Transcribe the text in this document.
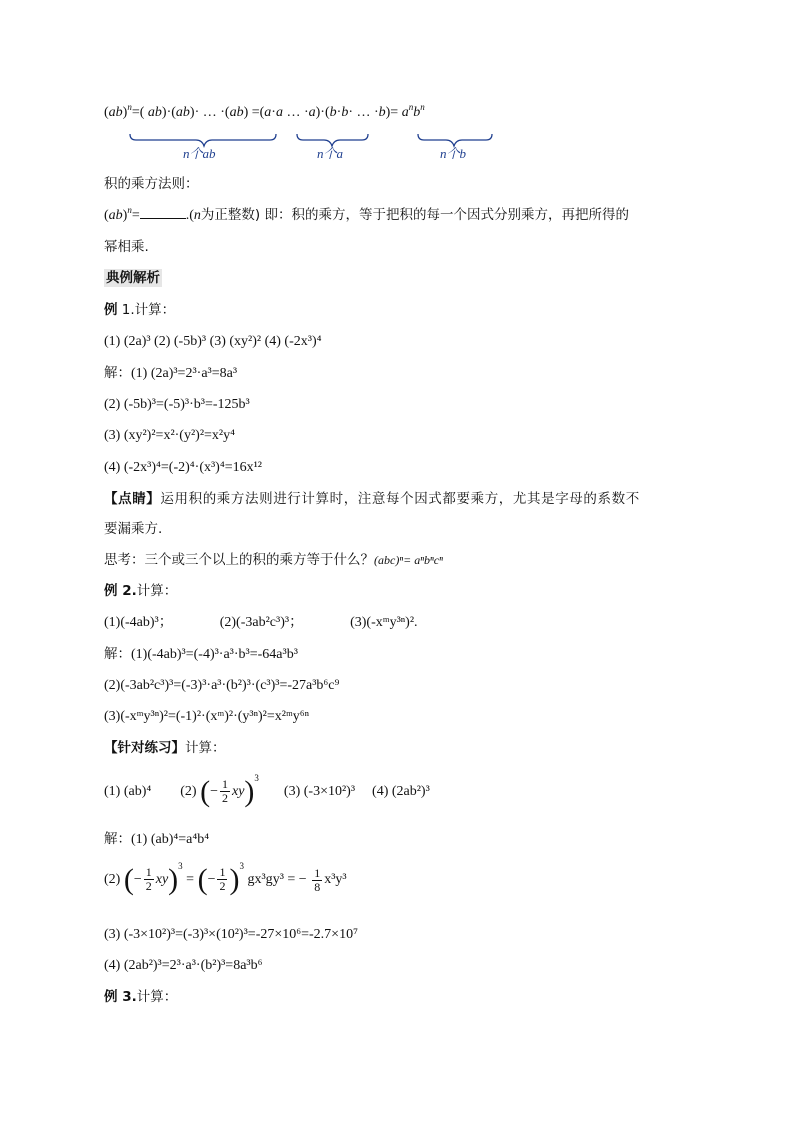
(ab)$^n$=( ab)·(ab)· … ·(ab) =(a·a … ·a)·(b·b· … $\cdot b)= a^nb^n$
n个ab	n个a	n个b
积的乘方法则：
(ab)$^n$=	.(n为正整数) 即：积的乘方，等于把积的每一个因式分别乘方，再把所得的
幂相乘.
典例解析
例 1.计算：
(1) (2a)³ (2) (-5b)³ (3) (xy²)² (4) (-2x³)⁴
解：(1) (2a)³=2³·a³=8a³
(2) (-5b)³=(-5)³·b³=-125b³
(3) (xy²)²=x²·(y²)²=x²y⁴
(4) (-2x³)⁴=(-2)⁴·(x³)⁴=16x¹²
【点睛】运用积的乘方法则进行计算时，注意每个因式都要乘方，尤其是字母的系数不
要漏乘方.
思考：三个或三个以上的积的乘方等于什么？(abc)ⁿ= aⁿbⁿcⁿ
例 2.计算：
(1)(-4ab)³；	(2)(-3ab²c³)³；	(3)(-xᵐy³ⁿ)².
解：(1)(-4ab)³=(-4)³·a³·b³=-64a³b³
(2)(-3ab²c³)³=(-3)³·a³·(b²)³·(c³)³=-27a³b⁶c⁹
(3)(-xᵐy³ⁿ)²=(-1)²·(xᵐ)²·(y³ⁿ)²=x²ᵐy⁶ⁿ
【针对练习】计算：
(1) (ab)⁴ (2) (− $\frac{1}{2} xy)^3$  (3) (-3×10²)³ (4) (2ab²)³
解：(1) (ab)⁴=a⁴b⁴
(2) (− $\frac{1}{2} xy)^3$ = (− $\frac{1}{2} )^3$ gx³gy³ = − $\frac{1}{8} x^3y^3$
(3) (-3×10²)³=(-3)³×(10²)³=-27×10⁶=-2.7×10⁷
(4) (2ab²)³=2³·a³·(b²)³=8a³b⁶
例 3.计算：
